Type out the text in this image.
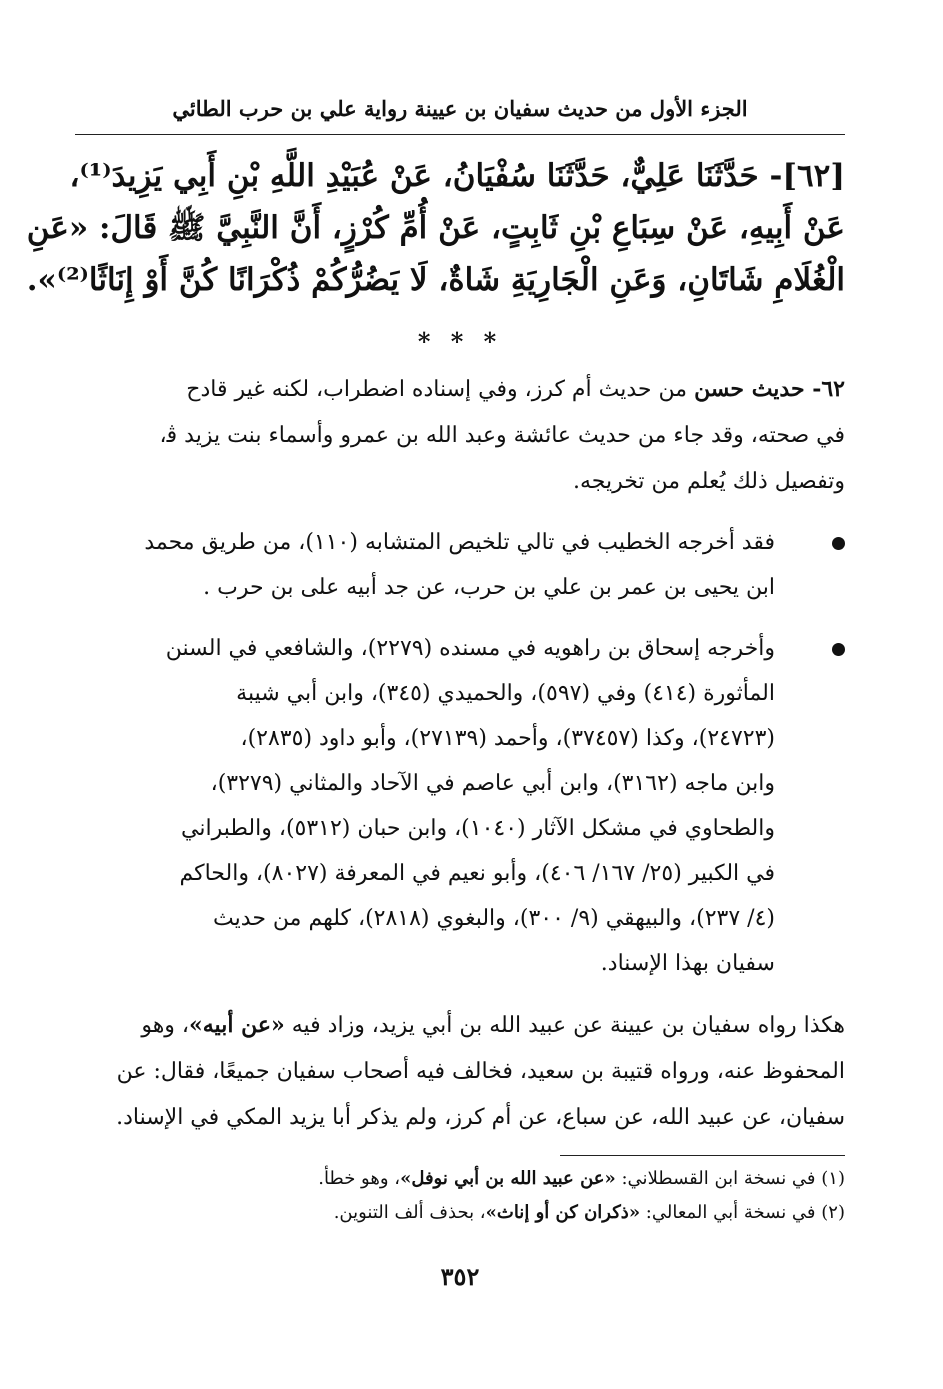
الجزء الأول من حديث سفيان بن عيينة رواية علي بن حرب الطائي
[٦٢]- حَدَّثَنَا عَلِيٌّ، حَدَّثَنَا سُفْيَانُ، عَنْ عُبَيْدِ اللَّهِ بْنِ أَبِي يَزِيدَ⁽¹⁾،
عَنْ أَبِيهِ، عَنْ سِبَاعِ بْنِ ثَابِتٍ، عَنْ أُمِّ كُرْزٍ، أَنَّ النَّبِيَّ ﷺ قَالَ: «عَنِ
الْغُلَامِ شَاتَانِ، وَعَنِ الْجَارِيَةِ شَاةٌ، لَا يَضُرُّكُمْ ذُكْرَانًا كُنَّ أَوْ إِنَاثًا⁽²⁾».
* * *
٦٢- حديث حسن من حديث أم كرز، وفي إسناده اضطراب، لكنه غير قادح
في صحته، وقد جاء من حديث عائشة وعبد الله بن عمرو وأسماء بنت يزيد ﭬ،
وتفصيل ذلك يُعلم من تخريجه.
فقد أخرجه الخطيب في تالي تلخيص المتشابه (١١٠)، من طريق محمد
ابن يحيى بن عمر بن علي بن حرب، عن جد أبيه على بن حرب .
وأخرجه إسحاق بن راهويه في مسنده (٢٢٧٩)، والشافعي في السنن
المأثورة (٤١٤) وفي (٥٩٧)، والحميدي (٣٤٥)، وابن أبي شيبة
(٢٤٧٢٣)، وكذا (٣٧٤٥٧)، وأحمد (٢٧١٣٩)، وأبو داود (٢٨٣٥)،
وابن ماجه (٣١٦٢)، وابن أبي عاصم في الآحاد والمثاني (٣٢٧٩)،
والطحاوي في مشكل الآثار (١٠٤٠)، وابن حبان (٥٣١٢)، والطبراني
في الكبير (٢٥/ ١٦٧/ ٤٠٦)، وأبو نعيم في المعرفة (٨٠٢٧)، والحاكم
(٤/ ٢٣٧)، والبيهقي (٩/ ٣٠٠)، والبغوي (٢٨١٨)، كلهم من حديث
سفيان بهذا الإسناد.
هكذا رواه سفيان بن عيينة عن عبيد الله بن أبي يزيد، وزاد فيه «عن أبيه»، وهو
المحفوظ عنه، ورواه قتيبة بن سعيد، فخالف فيه أصحاب سفيان جميعًا، فقال: عن
سفيان، عن عبيد الله، عن سباع، عن أم كرز، ولم يذكر أبا يزيد المكي في الإسناد.
(١) في نسخة ابن القسطلاني: «عن عبيد الله بن أبي نوفل»، وهو خطأ.
(٢) في نسخة أبي المعالي: «ذكران كن أو إناث»، بحذف ألف التنوين.
٣٥٢
